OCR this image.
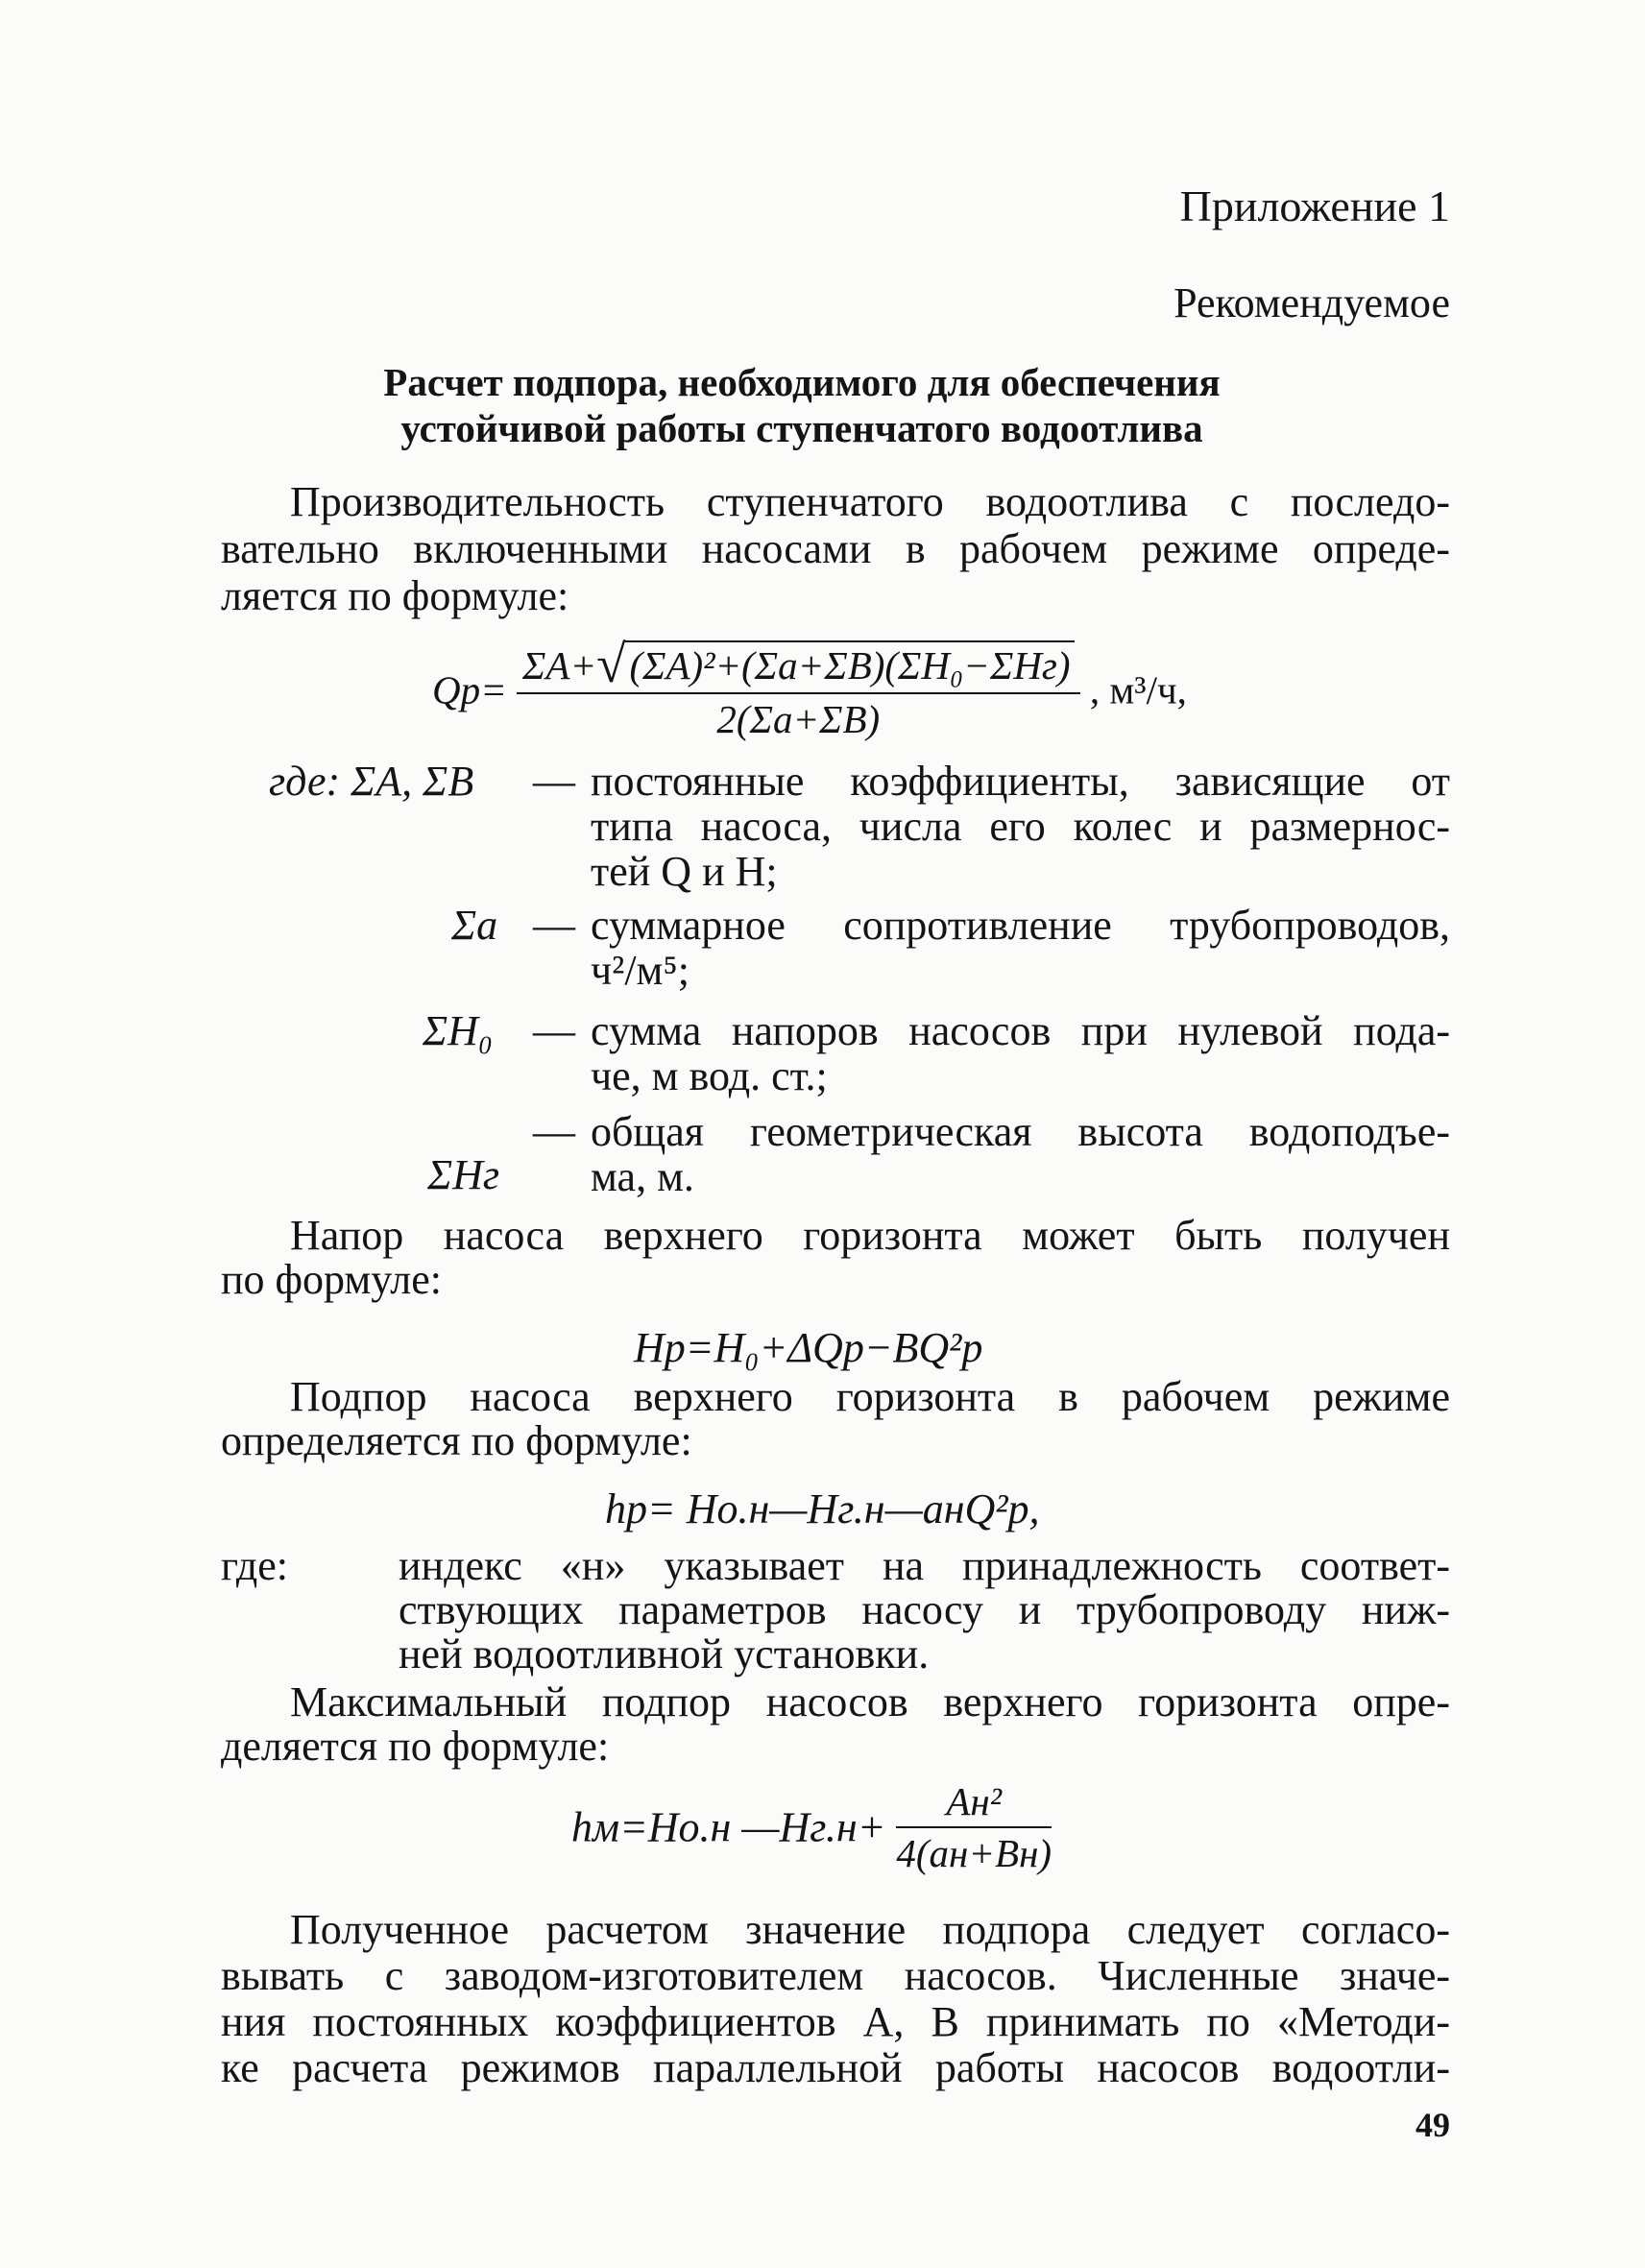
Приложение 1
Рекомендуемое
Расчет подпора, необходимого для обеспечения
устойчивой работы ступенчатого водоотлива
Производительность ступенчатого водоотлива с последо-
вательно включенными насосами в рабочем режиме опреде-
ляется по формуле:
$Qр= \frac{\text{ΣA+√(ΣA)²+(Σa+ΣB)(ΣH₀−ΣHг)}}{2(\Sigma a+\Sigma B)}$ , м³/ч,
где: ΣA, ΣB — постоянные коэффициенты, зависящие от
типа насоса, числа его колес и размернос-
тей Q и H;
Σa — суммарное сопротивление трубопроводов,
ч²/м⁵;
ΣH₀ — сумма напоров насосов при нулевой пода-
че, м вод. ст.;
ΣHг
— общая геометрическая высота водоподъе-
ма, м.
Напор насоса верхнего горизонта может быть получен
по формуле:
Hр=H₀+ΔQр−BQ²р
Подпор насоса верхнего горизонта в рабочем режиме
определяется по формуле:
hр= Hо.н—Hг.н—aнQ²р,
где:	индекс «н» указывает на принадлежность соответ-
ствующих параметров насосу и трубопроводу ниж-
ней водоотливной установки.
Максимальный подпор насосов верхнего горизонта опре-
деляется по формуле:
hм=Hо.н —Hг.н+ $\frac{\text{Aн²}}{4(aн+Bн)}$
Полученное расчетом значение подпора следует согласо-
вывать с заводом-изготовителем насосов. Численные значе-
ния постоянных коэффициентов А, В принимать по «Методи-
ке расчета режимов параллельной работы насосов водоотли-
49
